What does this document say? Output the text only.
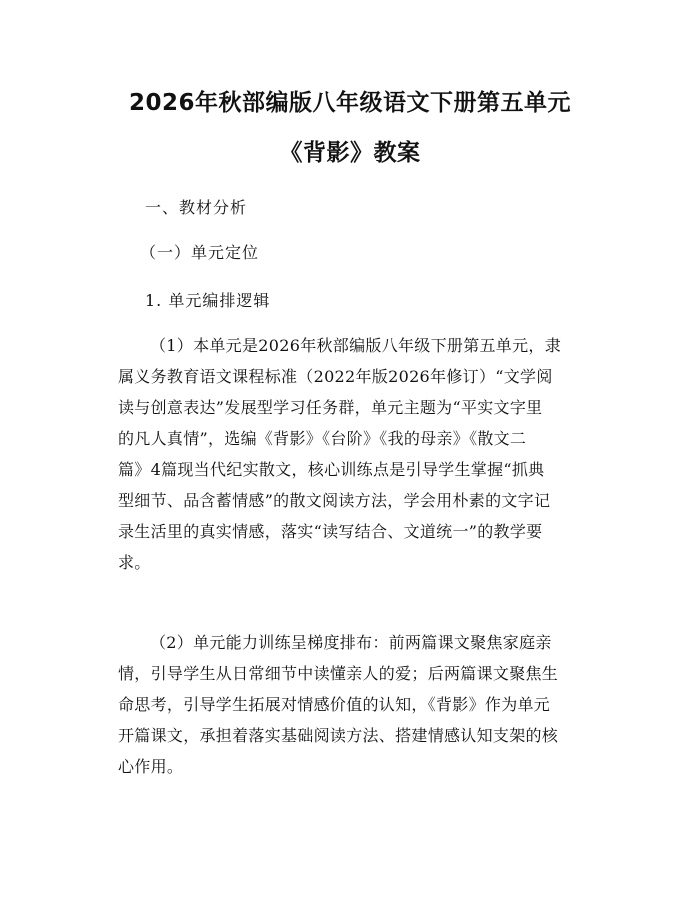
2026年秋部编版八年级语文下册第五单元
《背影》教案
一、教材分析
（一）单元定位
1. 单元编排逻辑
（1）本单元是2026年秋部编版八年级下册第五单元，隶
属义务教育语文课程标准（2022年版2026年修订）“文学阅
读与创意表达”发展型学习任务群，单元主题为“平实文字里
的凡人真情”，选编《背影》《台阶》《我的母亲》《散文二
篇》4篇现当代纪实散文，核心训练点是引导学生掌握“抓典
型细节、品含蓄情感”的散文阅读方法，学会用朴素的文字记
录生活里的真实情感，落实“读写结合、文道统一”的教学要
求。
（2）单元能力训练呈梯度排布：前两篇课文聚焦家庭亲
情，引导学生从日常细节中读懂亲人的爱；后两篇课文聚焦生
命思考，引导学生拓展对情感价值的认知，《背影》作为单元
开篇课文，承担着落实基础阅读方法、搭建情感认知支架的核
心作用。
